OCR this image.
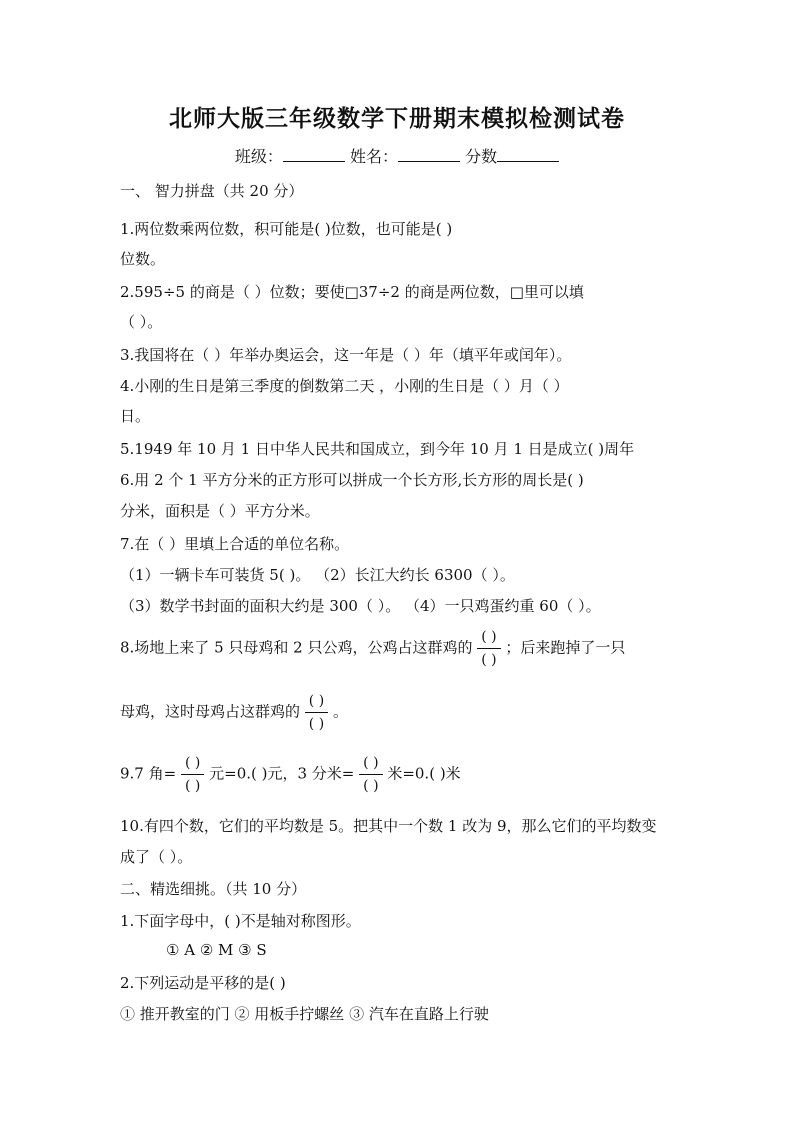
北师大版三年级数学下册期末模拟检测试卷
班级：	姓名：	分数
一、 智力拼盘（共 20 分）
1.两位数乘两位数，积可能是( )位数，也可能是( )
位数。
2.595÷5 的商是（ ）位数；要使□37÷2 的商是两位数，□里可以填
（ ）。
3.我国将在（ ）年举办奥运会，这一年是（ ）年（填平年或闰年）。
4.小刚的生日是第三季度的倒数第二天 ，小刚的生日是（ ）月（ ）
日。
5.1949 年 10 月 1 日中华人民共和国成立，到今年 10 月 1 日是成立( )周年
6.用 2 个 1 平方分米的正方形可以拼成一个长方形,长方形的周长是( )
分米，面积是（ ）平方分米。
7.在（ ）里填上合适的单位名称。
（1）一辆卡车可装货 5( )。 （2）长江大约长 6300（ ）。
（3）数学书封面的面积大约是 300（ ）。 （4）一只鸡蛋约重 60（ ）。
8.场地上来了 5 只母鸡和 2 只公鸡，公鸡占这群鸡的 $\frac{( )}{( )}$ ；后来跑掉了一只
母鸡，这时母鸡占这群鸡的 $\frac{( )}{( )}$ 。
9.7 角= $\frac{( )}{( )}$ 元=0.( )元，3 分米= $\frac{( )}{( )}$ 米=0.( )米
10.有四个数，它们的平均数是 5。把其中一个数 1 改为 9，那么它们的平均数变
成了（ ）。
二、精选细挑。（共 10 分）
1.下面字母中，( )不是轴对称图形。
① A ② M ③ S
2.下列运动是平移的是( )
① 推开教室的门 ② 用板手拧螺丝 ③ 汽车在直路上行驶
